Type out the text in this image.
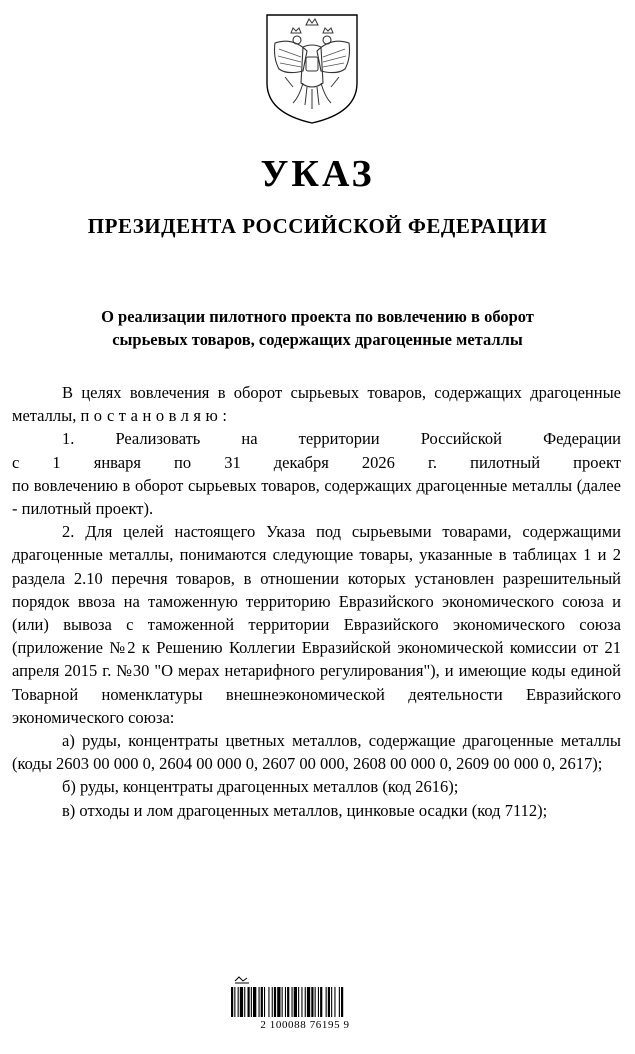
УКАЗ
ПРЕЗИДЕНТА РОССИЙСКОЙ ФЕДЕРАЦИИ
О реализации пилотного проекта по вовлечению в оборот
сырьевых товаров, содержащих драгоценные металлы

В целях вовлечения в оборот сырьевых товаров, содержащих драгоценные металлы, постановляю:

1. Реализовать на территории Российской Федерации

с 1 января по 31 декабря 2026 г. пилотный проект

по вовлечению в оборот сырьевых товаров, содержащих драгоценные металлы (далее - пилотный проект).

2. Для целей настоящего Указа под сырьевыми товарами, содержащими драгоценные металлы, понимаются следующие товары, указанные в таблицах 1 и 2 раздела 2.10 перечня товаров, в отношении которых установлен разрешительный порядок ввоза на таможенную территорию Евразийского экономического союза и (или) вывоза с таможенной территории Евразийского экономического союза (приложение №2 к Решению Коллегии Евразийской экономической комиссии от 21 апреля 2015 г. №30 "О мерах нетарифного регулирования"), и имеющие коды единой Товарной номенклатуры внешнеэкономической деятельности Евразийского экономического союза:

а) руды, концентраты цветных металлов, содержащие драгоценные металлы (коды 2603 00 000 0, 2604 00 000 0, 2607 00 000, 2608 00 000 0, 2609 00 000 0, 2617);

б) руды, концентраты драгоценных металлов (код 2616);

в) отходы и лом драгоценных металлов, цинковые осадки (код 7112);

2 100088 76195 9
